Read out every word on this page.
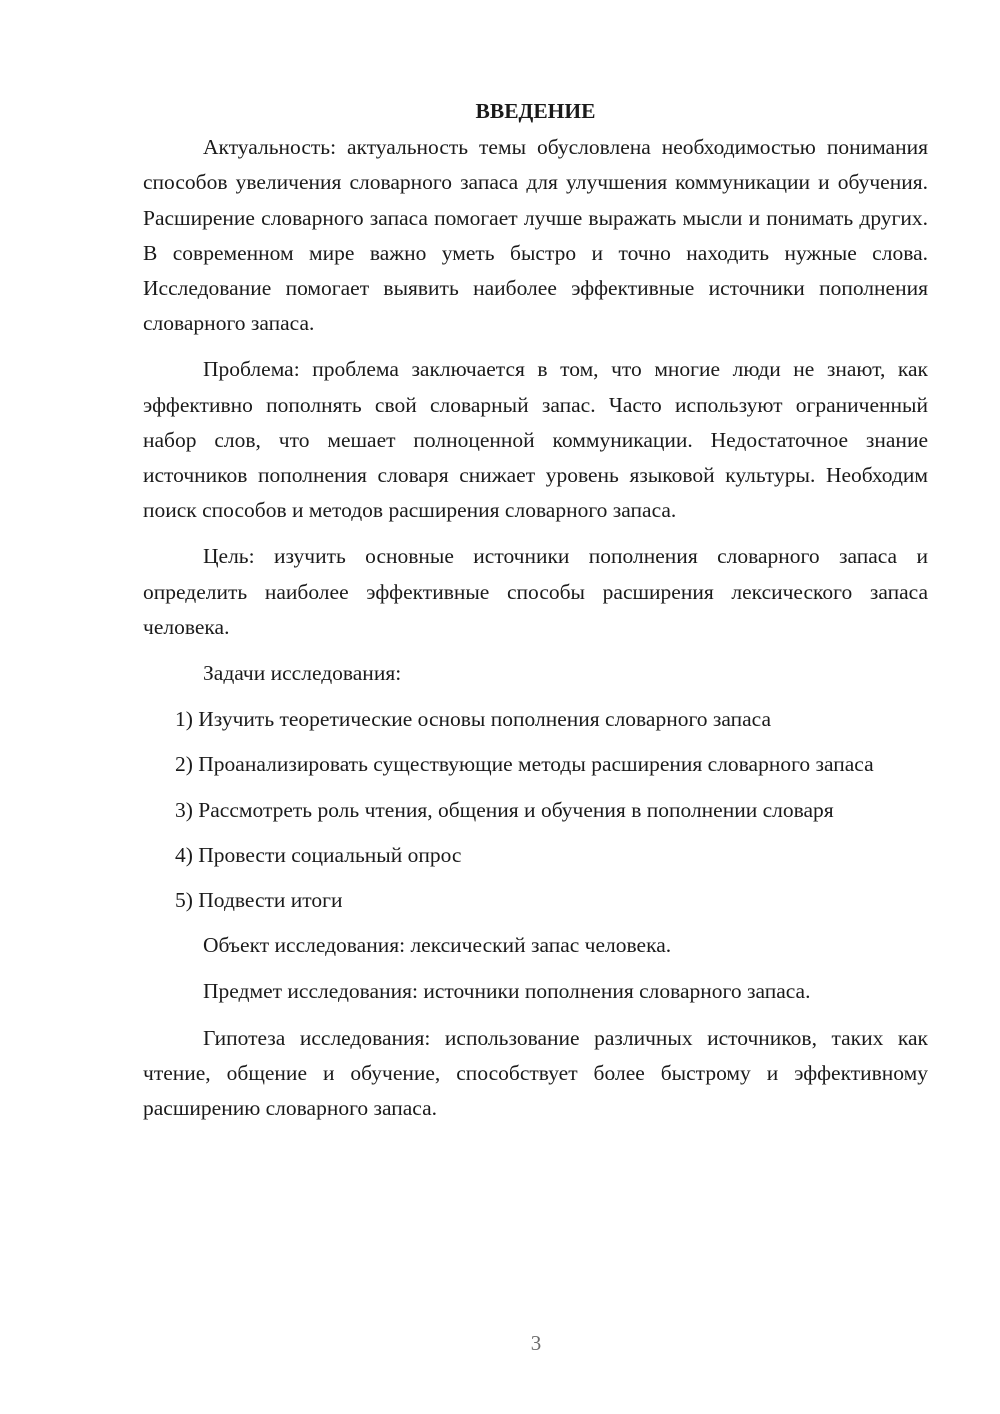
ВВЕДЕНИЕ

Актуальность: актуальность темы обусловлена необходимостью понимания способов увеличения словарного запаса для улучшения коммуникации и обучения. Расширение словарного запаса помогает лучше выражать мысли и понимать других. В современном мире важно уметь быстро и точно находить нужные слова. Исследование помогает выявить наиболее эффективные источники пополнения словарного запаса.

Проблема: проблема заключается в том, что многие люди не знают, как эффективно пополнять свой словарный запас. Часто используют ограниченный набор слов, что мешает полноценной коммуникации. Недостаточное знание источников пополнения словаря снижает уровень языковой культуры. Необходим поиск способов и методов расширения словарного запаса.

Цель: изучить основные источники пополнения словарного запаса и определить наиболее эффективные способы расширения лексического запаса человека.

Задачи исследования:

1) Изучить теоретические основы пополнения словарного запаса

2) Проанализировать существующие методы расширения словарного запаса

3) Рассмотреть роль чтения, общения и обучения в пополнении словаря

4) Провести социальный опрос

5) Подвести итоги

Объект исследования: лексический запас человека.

Предмет исследования: источники пополнения словарного запаса.

Гипотеза исследования: использование различных источников, таких как чтение, общение и обучение, способствует более быстрому и эффективному расширению словарного запаса.

3
